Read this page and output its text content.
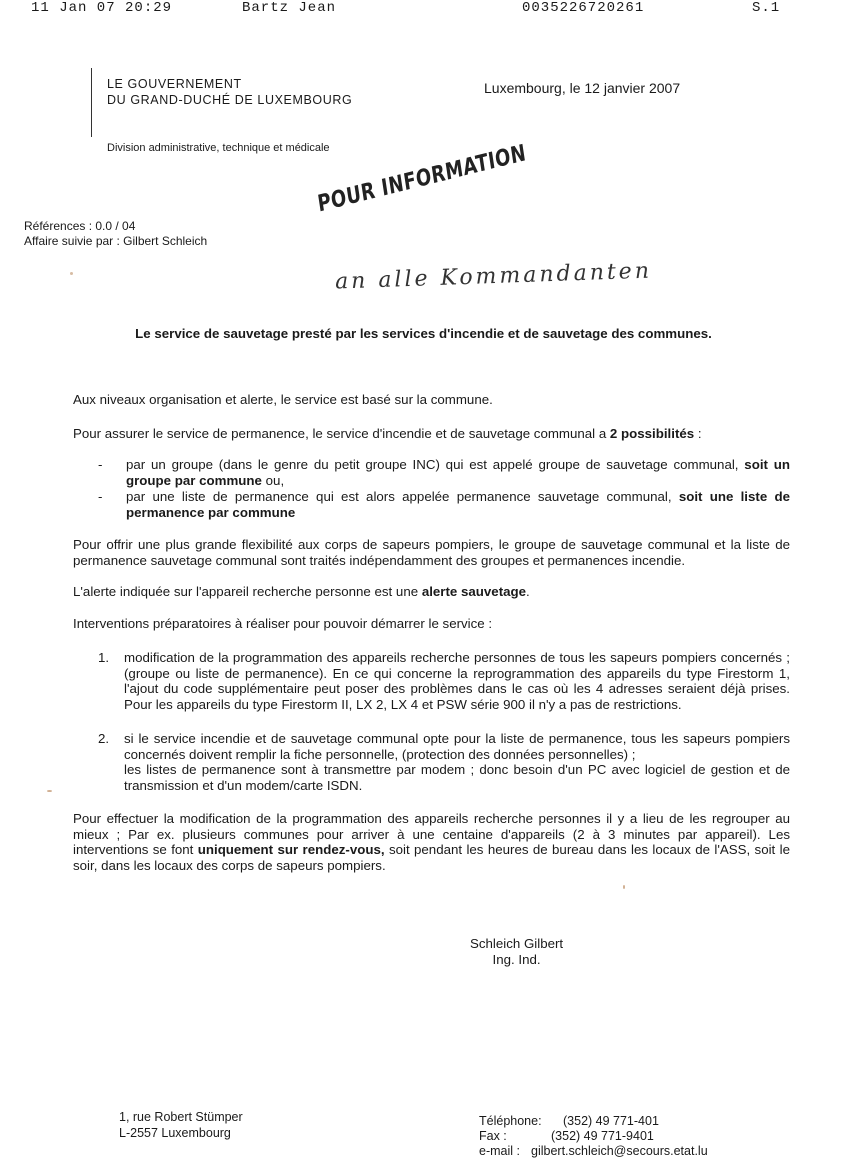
11 Jan 07 20:29	Bartz Jean	0035226720261	S.1
LE GOUVERNEMENT
DU GRAND-DUCHÉ DE LUXEMBOURG
Division administrative, technique et médicale
Luxembourg, le 12 janvier 2007
Références : 0.0 / 04
Affaire suivie par : Gilbert Schleich
POUR INFORMATION
an alle Kommandanten
Le service de sauvetage presté par les services d'incendie et de sauvetage des communes.

Aux niveaux organisation et alerte, le service est basé sur la commune.

Pour assurer le service de permanence, le service d'incendie et de sauvetage communal a 2 possibilités :

- par un groupe (dans le genre du petit groupe INC) qui est appelé groupe de sauvetage communal, soit un groupe par commune ou,

- par une liste de permanence qui est alors appelée permanence sauvetage communal, soit une liste de permanence par commune

Pour offrir une plus grande flexibilité aux corps de sapeurs pompiers, le groupe de sauvetage communal et la liste de permanence sauvetage communal sont traités indépendamment des groupes et permanences incendie.

L'alerte indiquée sur l'appareil recherche personne est une alerte sauvetage.

Interventions préparatoires à réaliser pour pouvoir démarrer le service :

1. modification de la programmation des appareils recherche personnes de tous les sapeurs pompiers concernés ; (groupe ou liste de permanence). En ce qui concerne la reprogrammation des appareils du type Firestorm 1, l'ajout du code supplémentaire peut poser des problèmes dans le cas où les 4 adresses seraient déjà prises. Pour les appareils du type Firestorm II, LX 2, LX 4 et PSW série 900 il n'y a pas de restrictions.

2. si le service incendie et de sauvetage communal opte pour la liste de permanence, tous les sapeurs pompiers concernés doivent remplir la fiche personnelle, (protection des données personnelles) ;

les listes de permanence sont à transmettre par modem ; donc besoin d'un PC avec logiciel de gestion et de transmission et d'un modem/carte ISDN.

Pour effectuer la modification de la programmation des appareils recherche personnes il y a lieu de les regrouper au mieux ; Par ex. plusieurs communes pour arriver à une centaine d'appareils (2 à 3 minutes par appareil). Les interventions se font uniquement sur rendez-vous, soit pendant les heures de bureau dans les locaux de l'ASS, soit le soir, dans les locaux des corps de sapeurs pompiers.

Schleich Gilbert
Ing. Ind.
1, rue Robert Stümper
L-2557 Luxembourg
Téléphone: (352) 49 771-401
Fax :	(352) 49 771-9401
e-mail : gilbert.schleich@secours.etat.lu
